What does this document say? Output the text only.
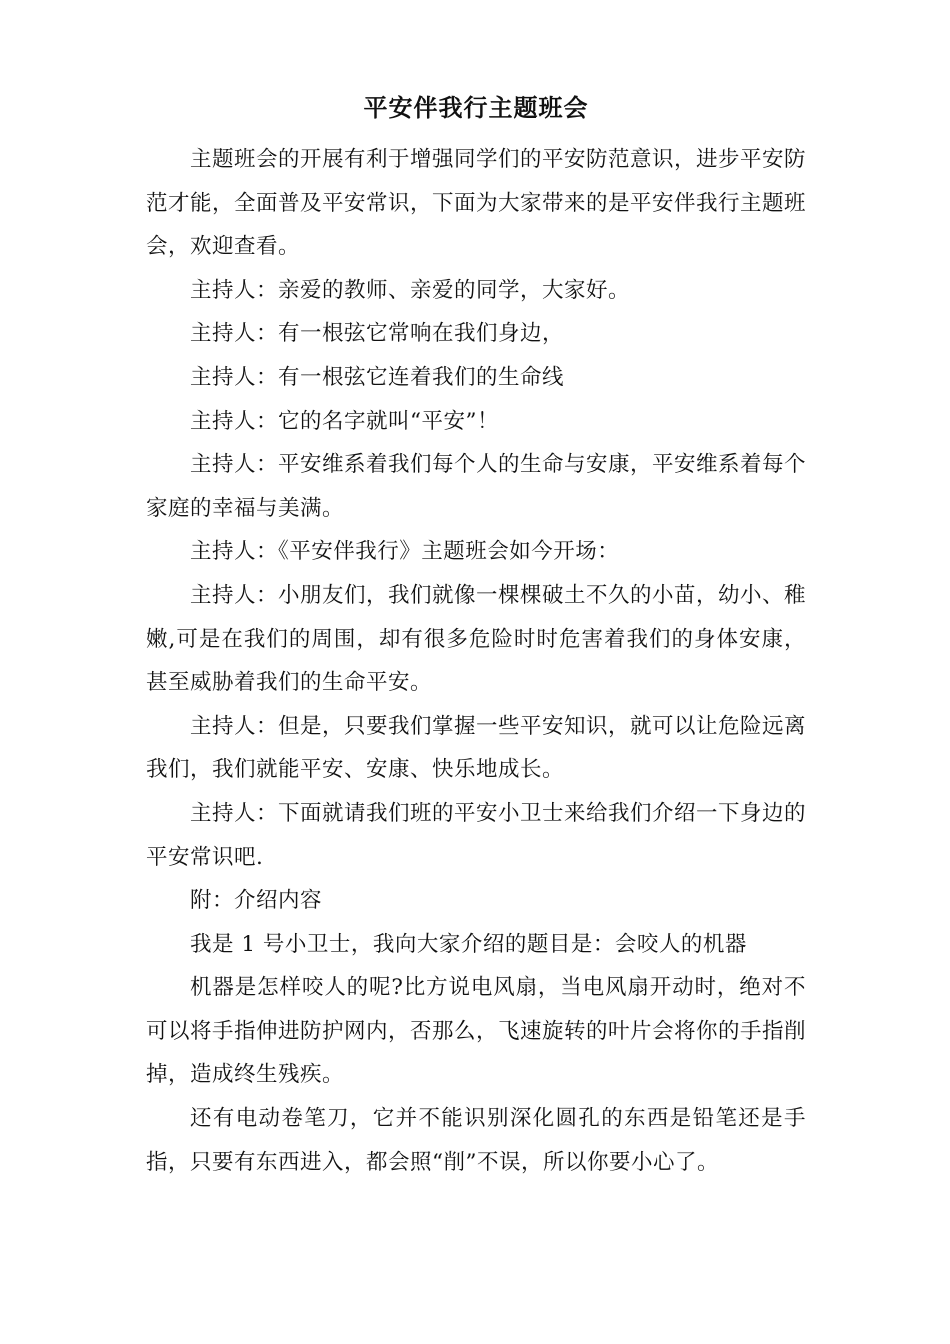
平安伴我行主题班会

主题班会的开展有利于增强同学们的平安防范意识，进步平安防范才能，全面普及平安常识，下面为大家带来的是平安伴我行主题班会，欢迎查看。

主持人：亲爱的教师、亲爱的同学，大家好。

主持人：有一根弦它常响在我们身边，

主持人：有一根弦它连着我们的生命线

主持人：它的名字就叫“平安”！

主持人：平安维系着我们每个人的生命与安康，平安维系着每个家庭的幸福与美满。

主持人：《平安伴我行》主题班会如今开场：

主持人：小朋友们，我们就像一棵棵破土不久的小苗，幼小、稚嫩,可是在我们的周围，却有很多危险时时危害着我们的身体安康，甚至威胁着我们的生命平安。

主持人：但是，只要我们掌握一些平安知识，就可以让危险远离我们，我们就能平安、安康、快乐地成长。

主持人：下面就请我们班的平安小卫士来给我们介绍一下身边的平安常识吧.

附：介绍内容

我是 1 号小卫士，我向大家介绍的题目是：会咬人的机器

机器是怎样咬人的呢?比方说电风扇，当电风扇开动时，绝对不可以将手指伸进防护网内，否那么，飞速旋转的叶片会将你的手指削掉，造成终生残疾。

还有电动卷笔刀，它并不能识别深化圆孔的东西是铅笔还是手指，只要有东西进入，都会照“削”不误，所以你要小心了。
